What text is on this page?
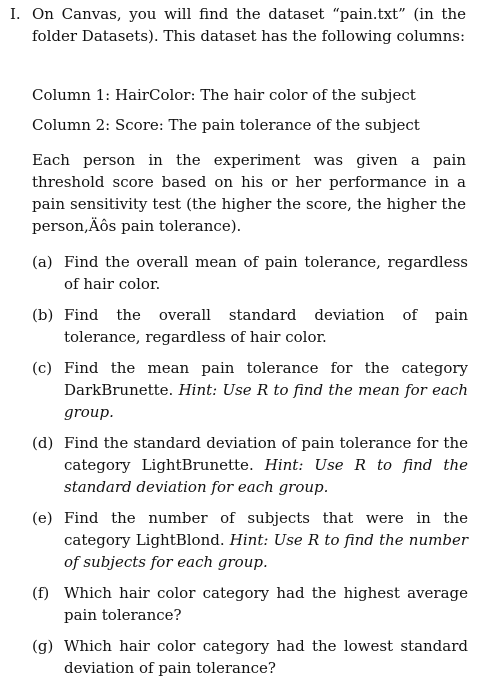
I. On Canvas, you will find the dataset “pain.txt” (in the folder Datasets). This dataset has the following columns:
Column 1: HairColor: The hair color of the subject
Column 2: Score: The pain tolerance of the subject
Each person in the experiment was given a pain threshold score based on his or her performance in a pain sensitivity test (the higher the score, the higher the person,Äôs pain tolerance).
(a) Find the overall mean of pain tolerance, regardless of hair color.
(b) Find the overall standard deviation of pain tolerance, regardless of hair color.
(c) Find the mean pain tolerance for the category DarkBrunette. Hint: Use R to find the mean for each group.
(d) Find the standard deviation of pain tolerance for the category LightBrunette. Hint: Use R to find the standard deviation for each group.
(e) Find the number of subjects that were in the category LightBlond. Hint: Use R to find the number of subjects for each group.
(f) Which hair color category had the highest average pain tolerance?
(g) Which hair color category had the lowest standard deviation of pain tolerance?
